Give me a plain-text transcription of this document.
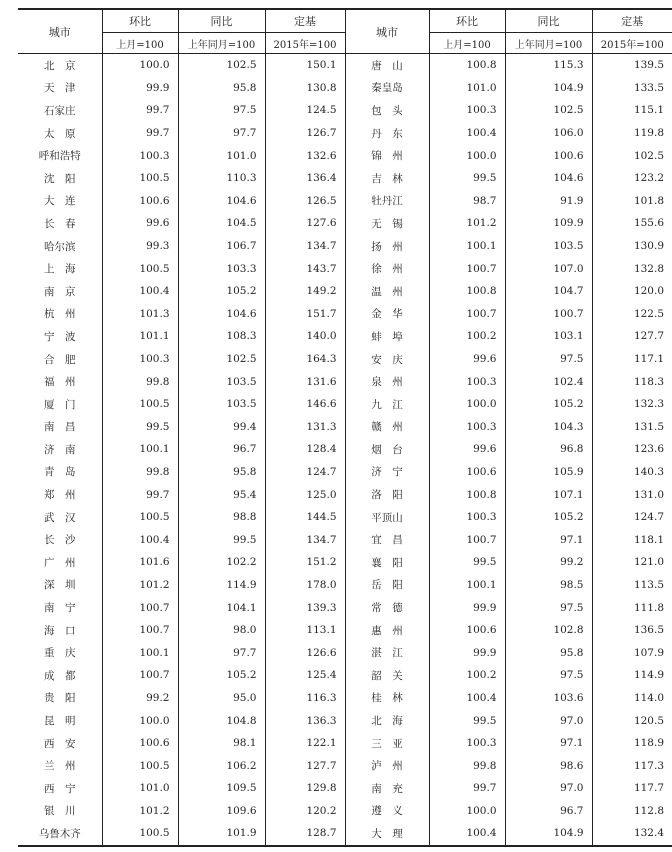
城市	环比	同比	定基	城市	环比	同比	定基
	上月=100	上年同月=100	2015年=100		上月=100	上年同月=100	2015年=100
北　京	100.0	102.5	150.1	唐　山	100.8	115.3	139.5
天　津	99.9	95.8	130.8	秦皇岛	101.0	104.9	133.5
石家庄	99.7	97.5	124.5	包　头	100.3	102.5	115.1
太　原	99.7	97.7	126.7	丹　东	100.4	106.0	119.8
呼和浩特	100.3	101.0	132.6	锦　州	100.0	100.6	102.5
沈　阳	100.5	110.3	136.4	吉　林	99.5	104.6	123.2
大　连	100.6	104.6	126.5	牡丹江	98.7	91.9	101.8
长　春	99.6	104.5	127.6	无　锡	101.2	109.9	155.6
哈尔滨	99.3	106.7	134.7	扬　州	100.1	103.5	130.9
上　海	100.5	103.3	143.7	徐　州	100.7	107.0	132.8
南　京	100.4	105.2	149.2	温　州	100.8	104.7	120.0
杭　州	101.3	104.6	151.7	金　华	100.7	100.7	122.5
宁　波	101.1	108.3	140.0	蚌　埠	100.2	103.1	127.7
合　肥	100.3	102.5	164.3	安　庆	99.6	97.5	117.1
福　州	99.8	103.5	131.6	泉　州	100.3	102.4	118.3
厦　门	100.5	103.5	146.6	九　江	100.0	105.2	132.3
南　昌	99.5	99.4	131.3	赣　州	100.3	104.3	131.5
济　南	100.1	96.7	128.4	烟　台	99.6	96.8	123.6
青　岛	99.8	95.8	124.7	济　宁	100.6	105.9	140.3
郑　州	99.7	95.4	125.0	洛　阳	100.8	107.1	131.0
武　汉	100.5	98.8	144.5	平顶山	100.3	105.2	124.7
长　沙	100.4	99.5	134.7	宜　昌	100.7	97.1	118.1
广　州	101.6	102.2	151.2	襄　阳	99.5	99.2	121.0
深　圳	101.2	114.9	178.0	岳　阳	100.1	98.5	113.5
南　宁	100.7	104.1	139.3	常　德	99.9	97.5	111.8
海　口	100.7	98.0	113.1	惠　州	100.6	102.8	136.5
重　庆	100.1	97.7	126.6	湛　江	99.9	95.8	107.9
成　都	100.7	105.2	125.4	韶　关	100.2	97.5	114.9
贵　阳	99.2	95.0	116.3	桂　林	100.4	103.6	114.0
昆　明	100.0	104.8	136.3	北　海	99.5	97.0	120.5
西　安	100.6	98.1	122.1	三　亚	100.3	97.1	118.9
兰　州	100.5	106.2	127.7	泸　州	99.8	98.6	117.3
西　宁	101.0	109.5	129.8	南　充	99.7	97.0	117.7
银　川	101.2	109.6	120.2	遵　义	100.0	96.7	112.8
乌鲁木齐	100.5	101.9	128.7	大　理	100.4	104.9	132.4
